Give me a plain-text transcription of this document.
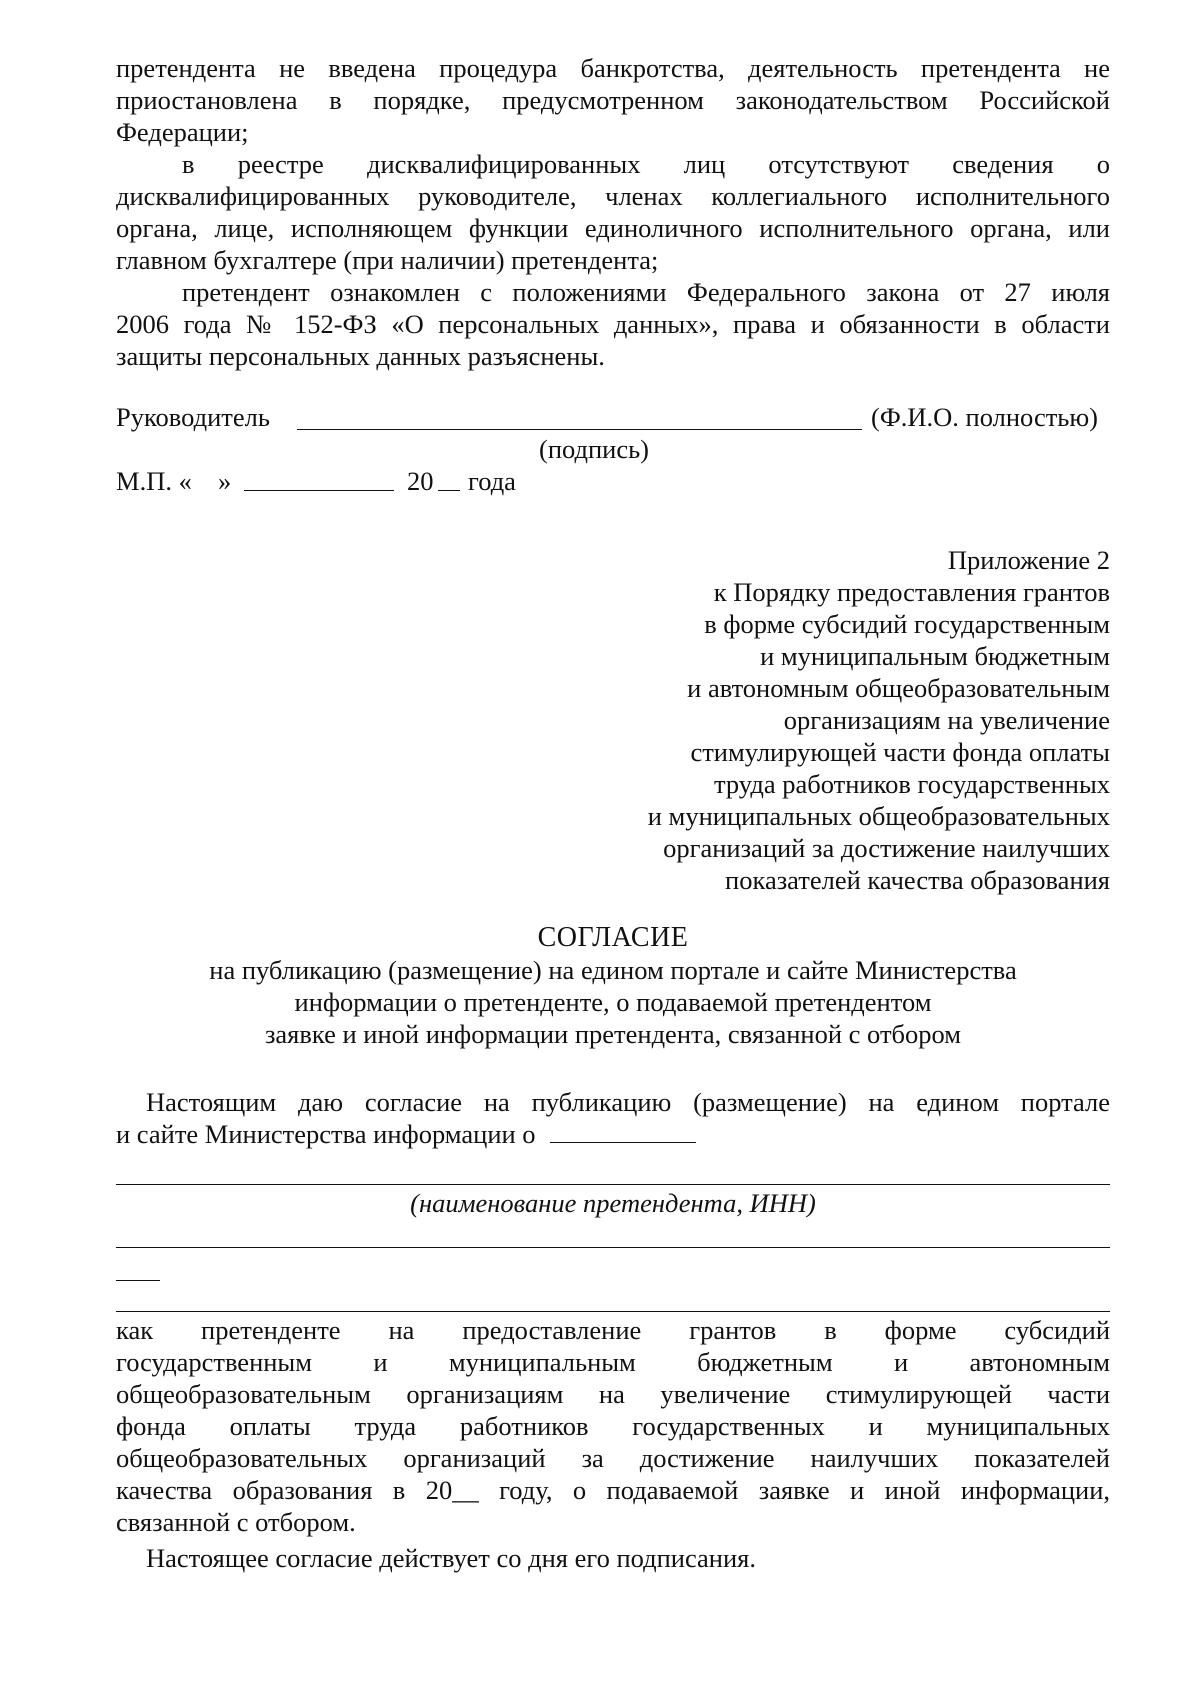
претендента не введена процедура банкротства, деятельность претендента не

приостановлена в порядке, предусмотренном законодательством Российской

Федерации;

в реестре дисквалифицированных лиц отсутствуют сведения о

дисквалифицированных руководителе, членах коллегиального исполнительного

органа, лице, исполняющем функции единоличного исполнительного органа, или

главном бухгалтере (при наличии) претендента;

претендент ознакомлен с положениями Федерального закона от 27 июля

2006 года № 152-ФЗ «О персональных данных», права и обязанности в области

защиты персональных данных разъяснены.

Руководитель	(Ф.И.О. полностью)
(подпись)
М.П. « »	20 года
Приложение 2
к Порядку предоставления грантов
в форме субсидий государственным
и муниципальным бюджетным
и автономным общеобразовательным
организациям на увеличение
стимулирующей части фонда оплаты
труда работников государственных
и муниципальных общеобразовательных
организаций за достижение наилучших
показателей качества образования
СОГЛАСИЕ
на публикацию (размещение) на едином портале и сайте Министерства
информации о претенденте, о подаваемой претендентом
заявке и иной информации претендента, связанной с отбором

Настоящим даю согласие на публикацию (размещение) на едином портале

и сайте Министерства информации о

(наименование претендента, ИНН)

как претенденте на предоставление грантов в форме субсидий

государственным и муниципальным бюджетным и автономным

общеобразовательным организациям на увеличение стимулирующей части

фонда оплаты труда работников государственных и муниципальных

общеобразовательных организаций за достижение наилучших показателей

качества образования в 20__ году, о подаваемой заявке и иной информации,

связанной с отбором.

Настоящее согласие действует со дня его подписания.
